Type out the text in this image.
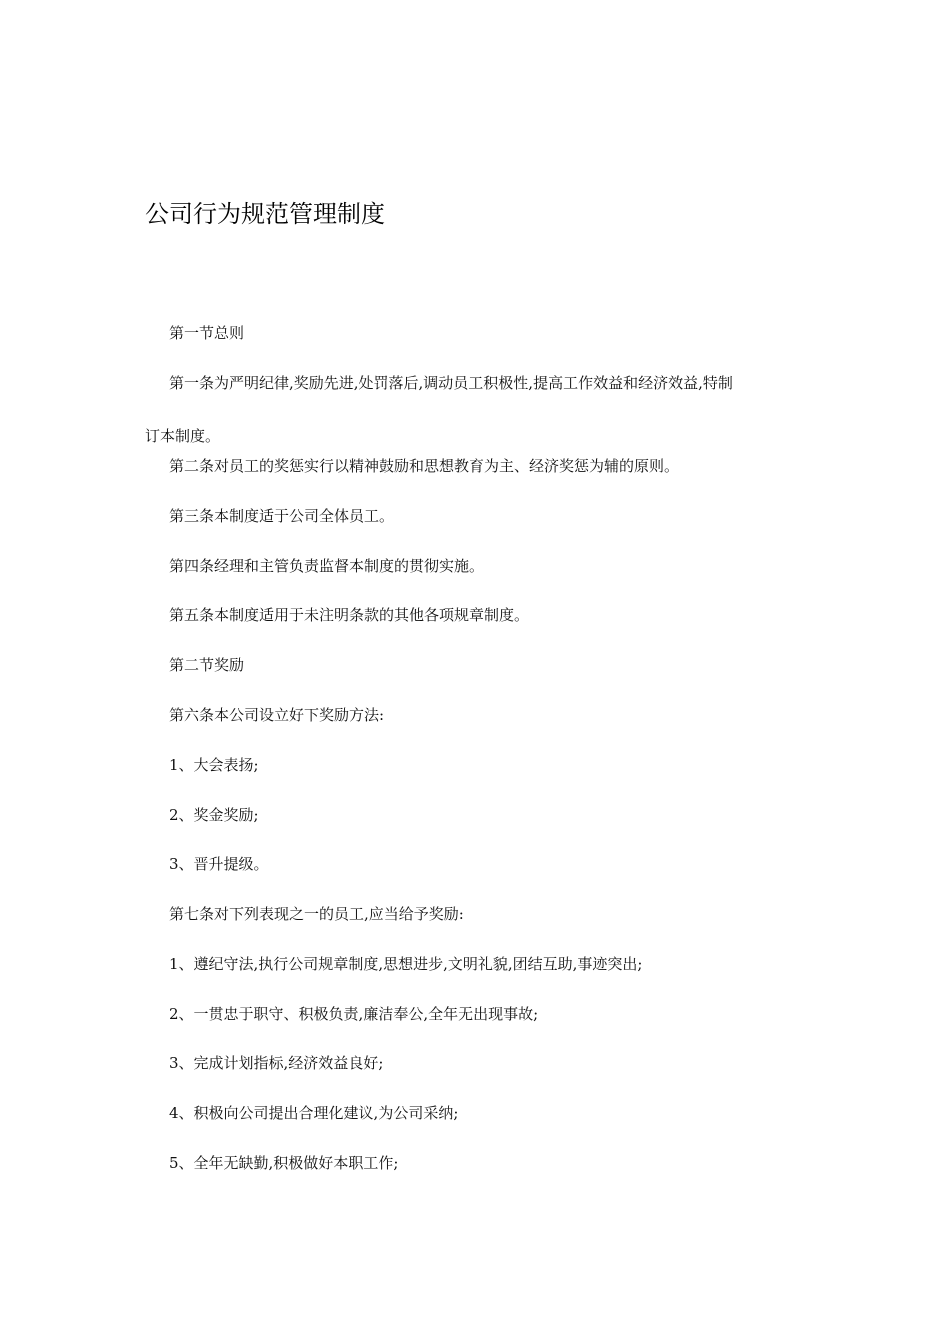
公司行为规范管理制度

第一节总则

第一条为严明纪律,奖励先进,处罚落后,调动员工积极性,提高工作效益和经济效益,特制

订本制度。

第二条对员工的奖惩实行以精神鼓励和思想教育为主、经济奖惩为辅的原则。

第三条本制度适于公司全体员工。

第四条经理和主管负责监督本制度的贯彻实施。

第五条本制度适用于未注明条款的其他各项规章制度。

第二节奖励

第六条本公司设立好下奖励方法:

1、大会表扬;

2、奖金奖励;

3、晋升提级。

第七条对下列表现之一的员工,应当给予奖励:

1、遵纪守法,执行公司规章制度,思想进步,文明礼貌,团结互助,事迹突出;

2、一贯忠于职守、积极负责,廉洁奉公,全年无出现事故;

3、完成计划指标,经济效益良好;

4、积极向公司提出合理化建议,为公司采纳;

5、全年无缺勤,积极做好本职工作;
